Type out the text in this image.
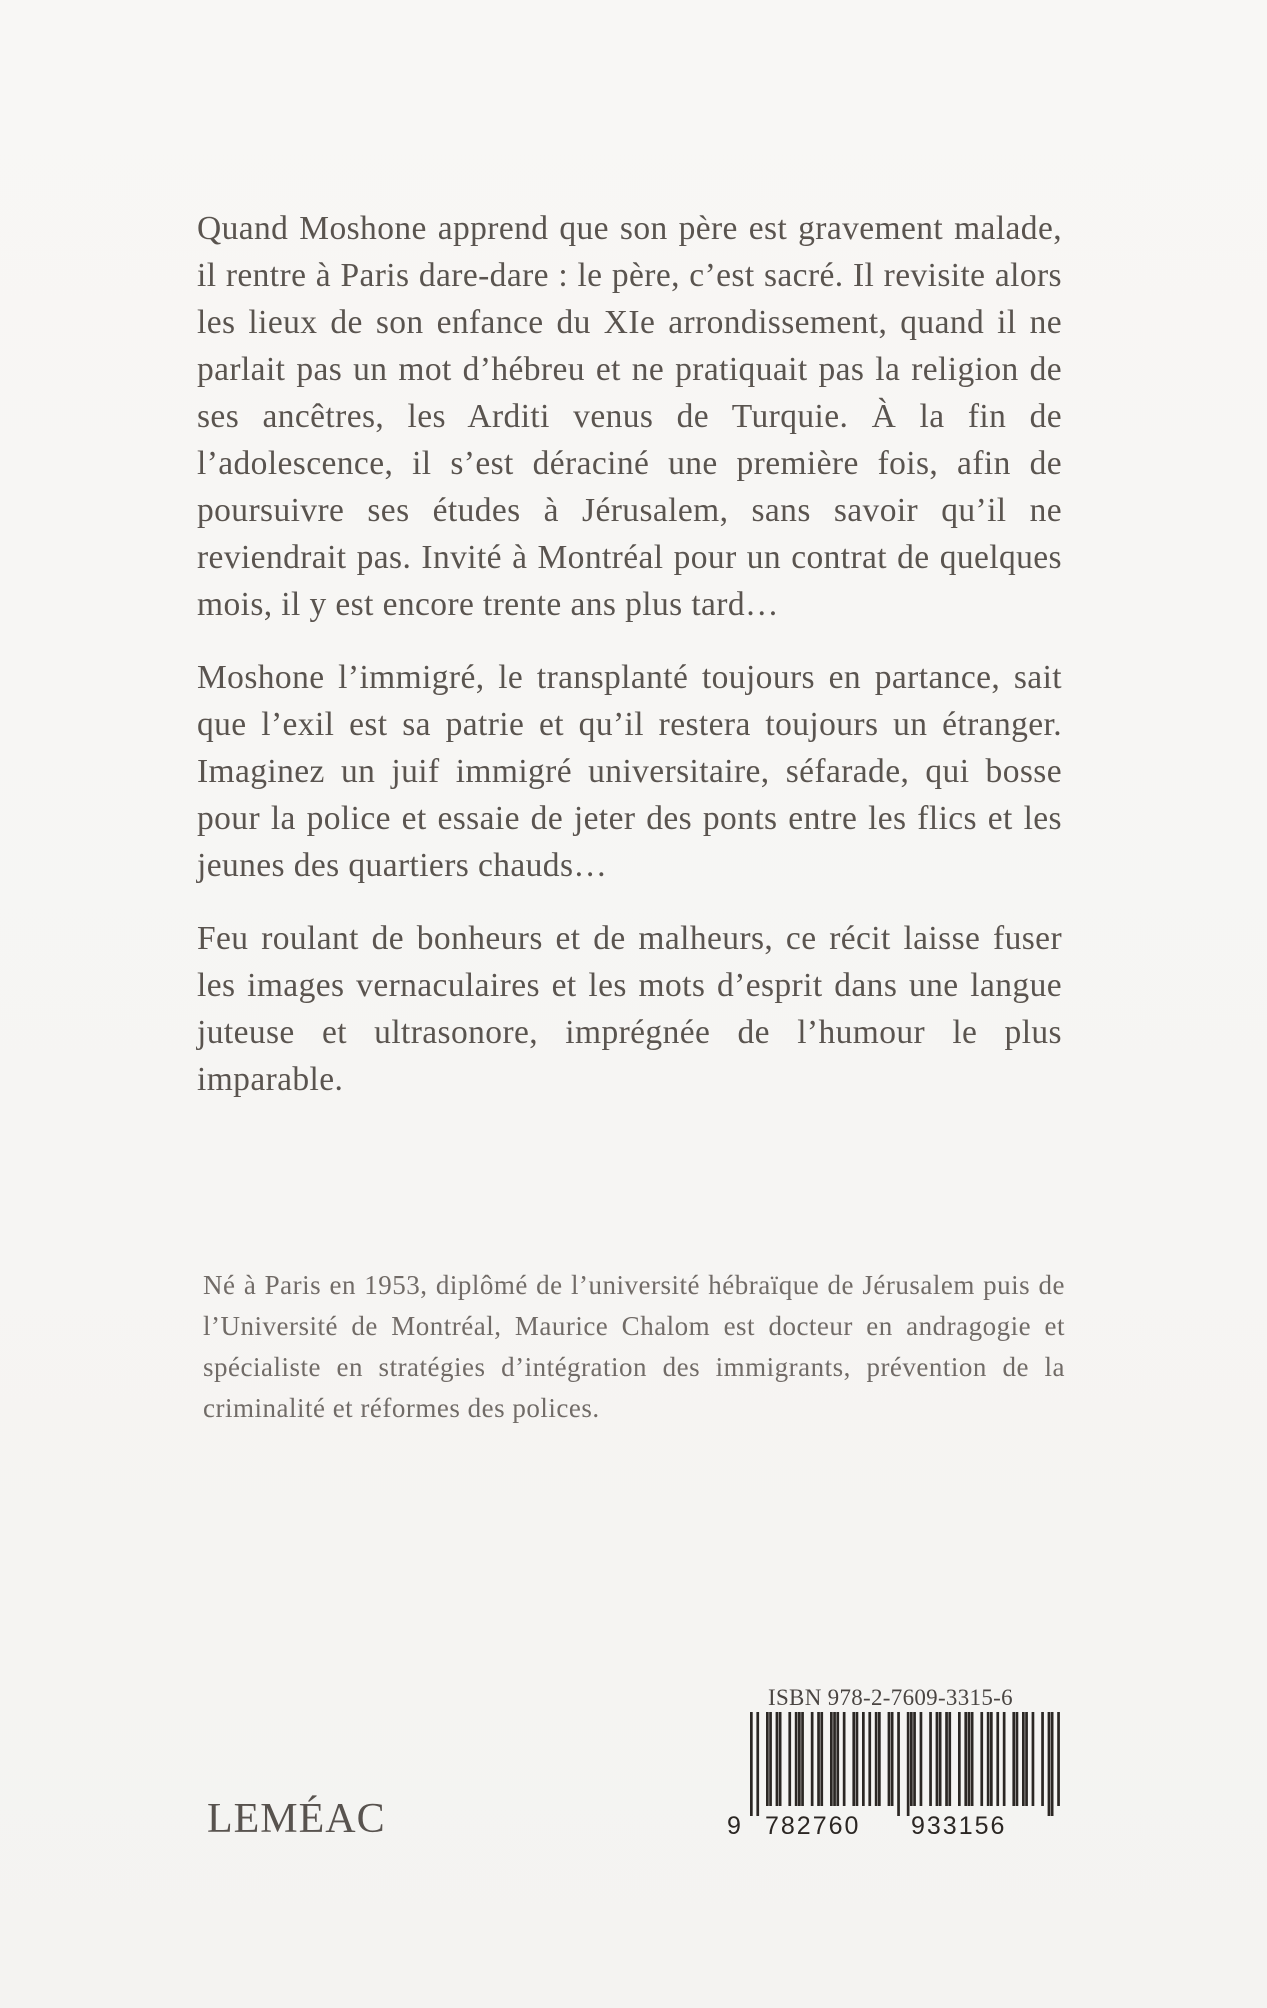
Quand Moshone apprend que son père est gravement malade, il rentre à Paris dare-dare : le père, c’est sacré. Il revisite alors les lieux de son enfance du XIe arrondissement, quand il ne parlait pas un mot d’hébreu et ne pratiquait pas la religion de ses ancêtres, les Arditi venus de Turquie. À la fin de l’adolescence, il s’est déraciné une première fois, afin de poursuivre ses études à Jérusalem, sans savoir qu’il ne reviendrait pas. Invité à Montréal pour un contrat de quelques mois, il y est encore trente ans plus tard…

Moshone l’immigré, le transplanté toujours en partance, sait que l’exil est sa patrie et qu’il restera toujours un étranger. Imaginez un juif immigré universitaire, séfarade, qui bosse pour la police et essaie de jeter des ponts entre les flics et les jeunes des quartiers chauds…

Feu roulant de bonheurs et de malheurs, ce récit laisse fuser les images vernaculaires et les mots d’esprit dans une langue juteuse et ultrasonore, imprégnée de l’humour le plus imparable.

Né à Paris en 1953, diplômé de l’université hébraïque de Jérusalem puis de l’Université de Montréal, Maurice Chalom est docteur en andragogie et spécialiste en stratégies d’intégration des immigrants, prévention de la criminalité et réformes des polices.

LEMÉAC
ISBN 978-2-7609-3315-6
9 782760 933156
